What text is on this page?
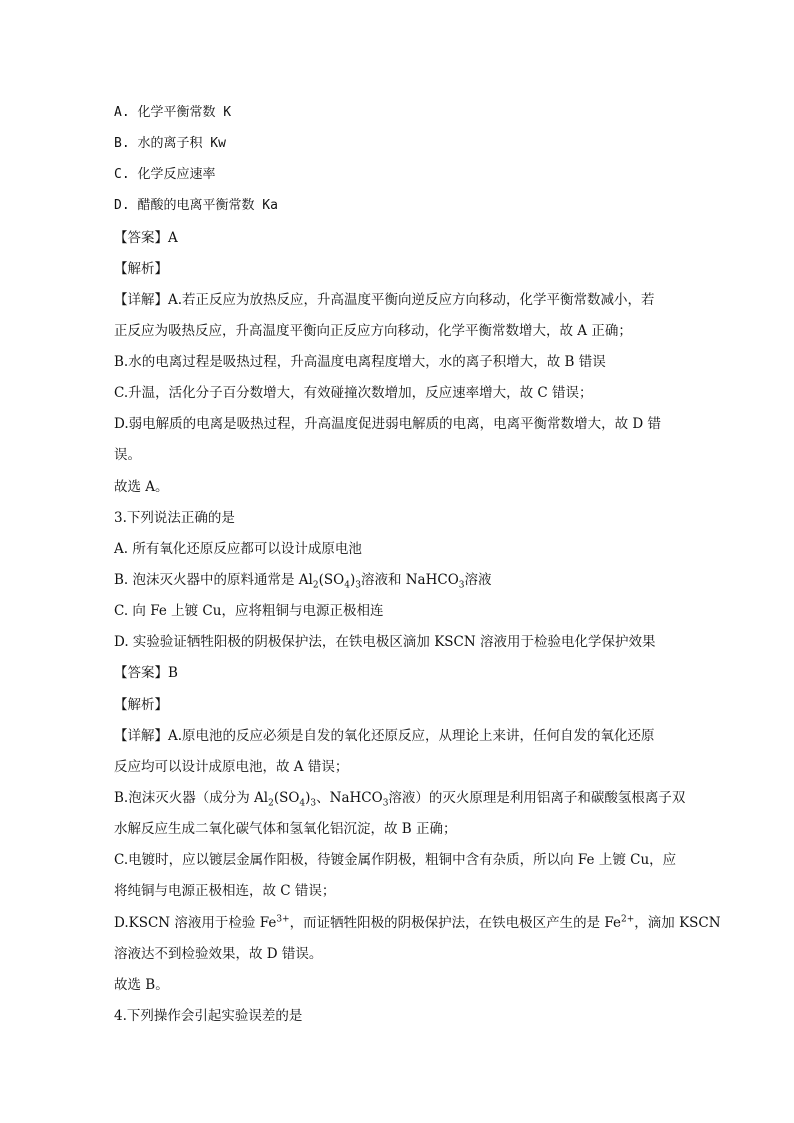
A. 化学平衡常数 K
B. 水的离子积 Kw
C. 化学反应速率
D. 醋酸的电离平衡常数 Ka
【答案】A
【解析】
【详解】A.若正反应为放热反应，升高温度平衡向逆反应方向移动，化学平衡常数减小，若
正反应为吸热反应，升高温度平衡向正反应方向移动，化学平衡常数增大，故 A 正确；
B.水的电离过程是吸热过程，升高温度电离程度增大，水的离子积增大，故 B 错误
C.升温，活化分子百分数增大，有效碰撞次数增加，反应速率增大，故 C 错误；
D.弱电解质的电离是吸热过程，升高温度促进弱电解质的电离，电离平衡常数增大，故 D 错
误。
故选 A。
3.下列说法正确的是
A. 所有氧化还原反应都可以设计成原电池
B. 泡沫灭火器中的原料通常是 $Al_2(SO_4)_3$溶液和 NaHCO$_3$溶液
C. 向 Fe 上镀 Cu，应将粗铜与电源正极相连
D. 实验验证牺牲阳极的阴极保护法，在铁电极区滴加 KSCN 溶液用于检验电化学保护效果
【答案】B
【解析】
【详解】A.原电池的反应必须是自发的氧化还原反应，从理论上来讲，任何自发的氧化还原
反应均可以设计成原电池，故 A 错误；
B.泡沫灭火器（成分为 $Al_2(SO_4)_3$、NaHCO$_3$溶液）的灭火原理是利用铝离子和碳酸氢根离子双
水解反应生成二氧化碳气体和氢氧化铝沉淀，故 B 正确；
C.电镀时，应以镀层金属作阳极，待镀金属作阴极，粗铜中含有杂质，所以向 Fe 上镀 Cu，应
将纯铜与电源正极相连，故 C 错误；
D.KSCN 溶液用于检验 $Fe^{3+}$，而证牺牲阳极的阴极保护法，在铁电极区产生的是 $Fe^{2+}$，滴加 KSCN
溶液达不到检验效果，故 D 错误。
故选 B。
4.下列操作会引起实验误差的是
